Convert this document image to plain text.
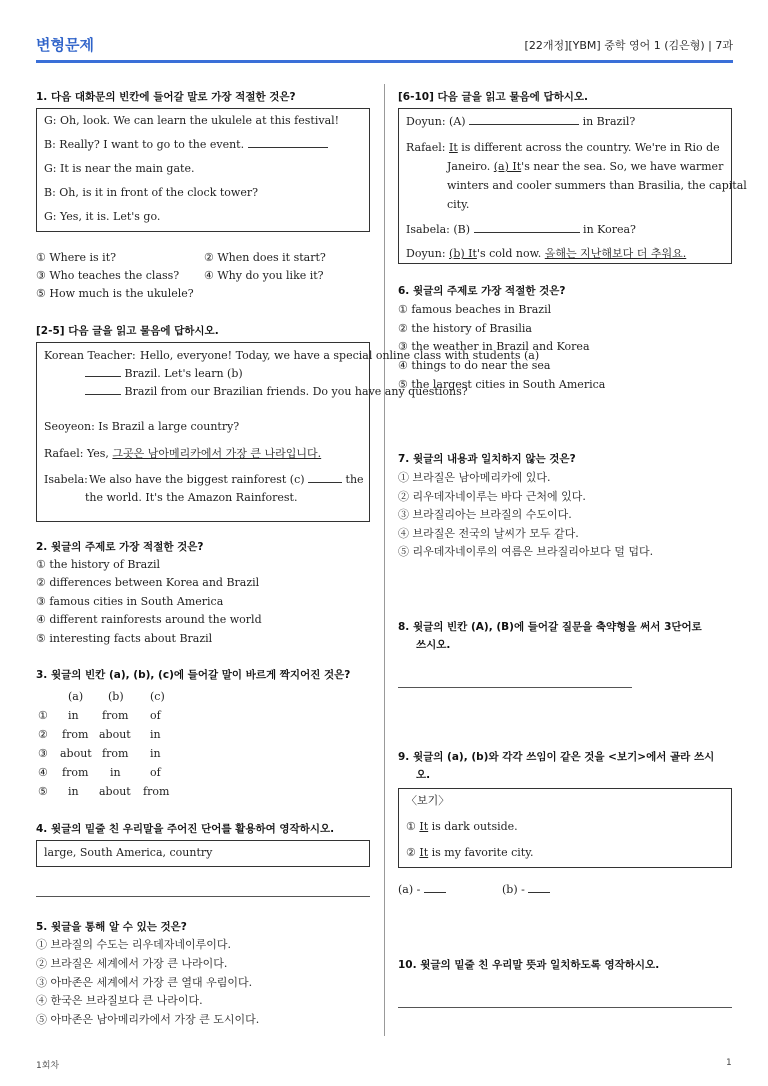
변형문제	[22개정][YBM] 중학 영어 1 (김은형) | 7과
1. 다음 대화문의 빈칸에 들어갈 말로 가장 적절한 것은?
G: Oh, look. We can learn the ukulele at this festival!
B: Really? I want to go to the event.
G: It is near the main gate.
B: Oh, is it in front of the clock tower?
G: Yes, it is. Let's go.
① Where is it?	② When does it start?
③ Who teaches the class? ④ Why do you like it?
⑤ How much is the ukulele?
[2-5] 다음 글을 읽고 물음에 답하시오.
Korean Teacher: Hello, everyone! Today, we have a special online class with students (a)
Brazil. Let's learn (b)
Brazil from our Brazilian friends. Do you have any questions?
Seoyeon: Is Brazil a large country?
Rafael: Yes, 그곳은 남아메리카에서 가장 큰 나라입니다.
Isabela: We also have the biggest rainforest (c)	the
the world. It's the Amazon Rainforest.
2. 윗글의 주제로 가장 적절한 것은?
① the history of Brazil
② differences between Korea and Brazil
③ famous cities in South America
④ different rainforests around the world
⑤ interesting facts about Brazil
3. 윗글의 빈칸 (a), (b), (c)에 들어갈 말이 바르게 짝지어진 것은?
(a) (b) (c)
① in from of
② from about in
③ about from in
④ from in	of
⑤ in about from
4. 윗글의 밑줄 친 우리말을 주어진 단어를 활용하여 영작하시오.
large, South America, country
5. 윗글을 통해 알 수 있는 것은?
① 브라질의 수도는 리우데자네이루이다.
② 브라질은 세계에서 가장 큰 나라이다.
③ 아마존은 세계에서 가장 큰 열대 우림이다.
④ 한국은 브라질보다 큰 나라이다.
⑤ 아마존은 남아메리카에서 가장 큰 도시이다.
[6-10] 다음 글을 읽고 물음에 답하시오.
Doyun: (A)	in Brazil?
Rafael: It is different across the country. We're in Rio de
Janeiro. (a) It's near the sea. So, we have warmer
winters and cooler summers than Brasilia, the capital
city.
Isabela: (B)	in Korea?
Doyun: (b) It's cold now. 올해는 지난해보다 더 추워요.
6. 윗글의 주제로 가장 적절한 것은?
① famous beaches in Brazil
② the history of Brasilia
③ the weather in Brazil and Korea
④ things to do near the sea
⑤ the largest cities in South America
7. 윗글의 내용과 일치하지 않는 것은?
① 브라질은 남아메리카에 있다.
② 리우데자네이루는 바다 근처에 있다.
③ 브라질리아는 브라질의 수도이다.
④ 브라질은 전국의 날씨가 모두 같다.
⑤ 리우데자네이루의 여름은 브라질리아보다 덜 덥다.
8. 윗글의 빈칸 (A), (B)에 들어갈 질문을 축약형을 써서 3단어로
쓰시오.
9. 윗글의 (a), (b)와 각각 쓰임이 같은 것을 <보기>에서 골라 쓰시
오.
〈보기〉
① It is dark outside.
② It is my favorite city.
(a) -	(b) -
10. 윗글의 밑줄 친 우리말 뜻과 일치하도록 영작하시오.
1회차	1
